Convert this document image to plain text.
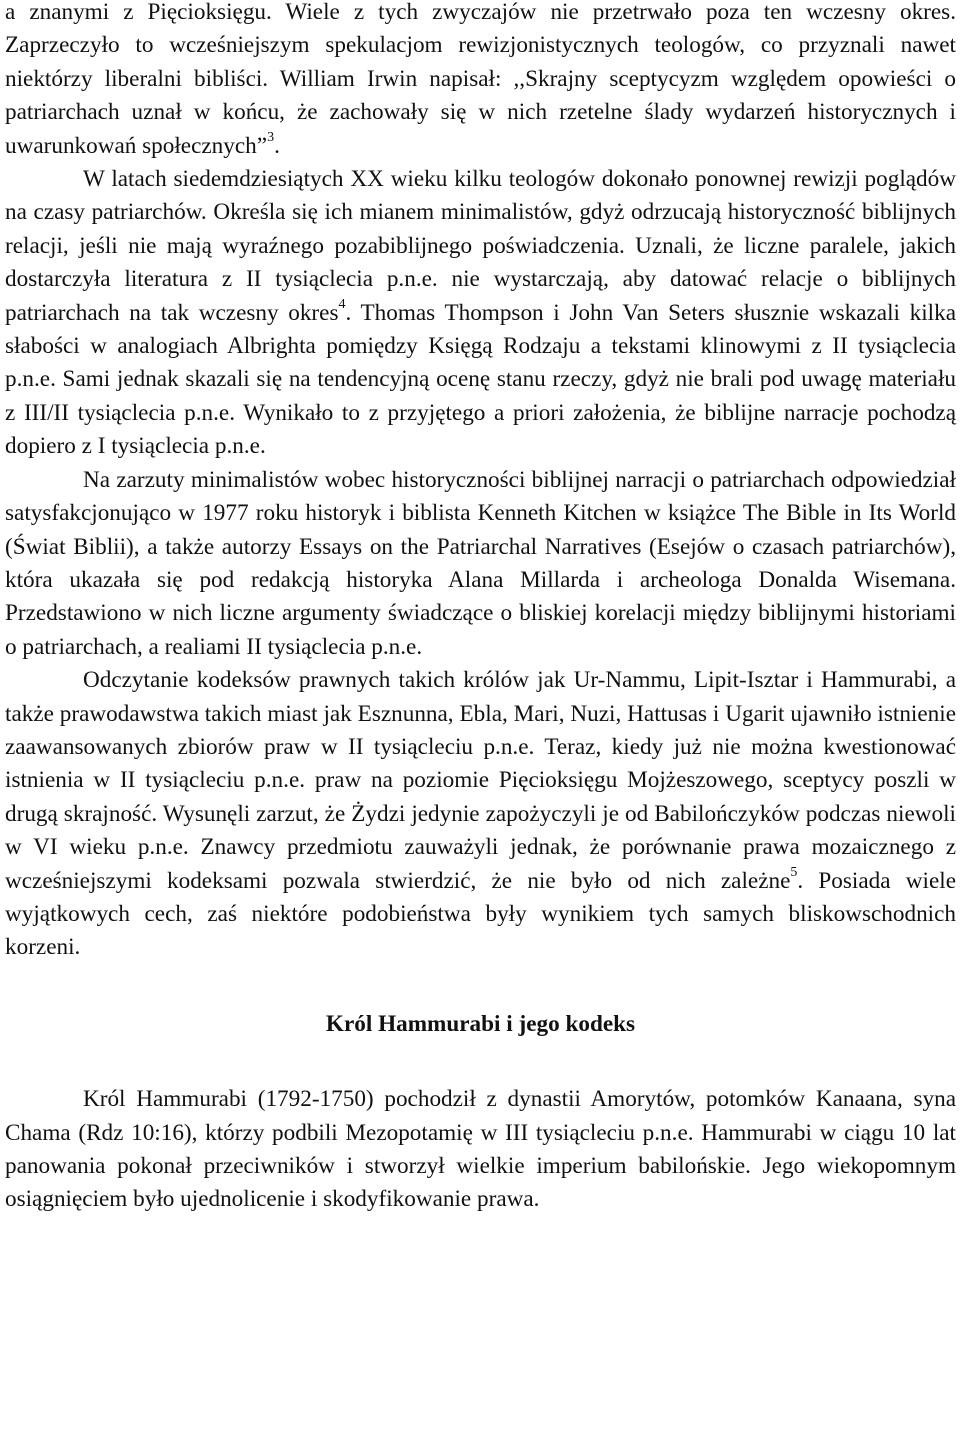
a znanymi z Pięcioksięgu. Wiele z tych zwyczajów nie przetrwało poza ten wczesny okres. Zaprzeczyło to wcześniejszym spekulacjom rewizjonistycznych teologów, co przyznali nawet niektórzy liberalni bibliści. William Irwin napisał: ,,Skrajny sceptycyzm względem opowieści o patriarchach uznał w końcu, że zachowały się w nich rzetelne ślady wydarzeń historycznych i uwarunkowań społecznych”$^3$.

W latach siedemdziesiątych XX wieku kilku teologów dokonało ponownej rewizji poglądów na czasy patriarchów. Określa się ich mianem minimalistów, gdyż odrzucają historyczność biblijnych relacji, jeśli nie mają wyraźnego pozabiblijnego poświadczenia. Uznali, że liczne paralele, jakich dostarczyła literatura z II tysiąclecia p.n.e. nie wystarczają, aby datować relacje o biblijnych patriarchach na tak wczesny okres$^4$. Thomas Thompson i John Van Seters słusznie wskazali kilka słabości w analogiach Albrighta pomiędzy Księgą Rodzaju a tekstami klinowymi z II tysiąclecia p.n.e. Sami jednak skazali się na tendencyjną ocenę stanu rzeczy, gdyż nie brali pod uwagę materiału z III/II tysiąclecia p.n.e. Wynikało to z przyjętego a priori założenia, że biblijne narracje pochodzą dopiero z I tysiąclecia p.n.e.

Na zarzuty minimalistów wobec historyczności biblijnej narracji o patriarchach odpowiedział satysfakcjonująco w 1977 roku historyk i biblista Kenneth Kitchen w książce The Bible in Its World (Świat Biblii), a także autorzy Essays on the Patriarchal Narratives (Esejów o czasach patriarchów), która ukazała się pod redakcją historyka Alana Millarda i archeologa Donalda Wisemana. Przedstawiono w nich liczne argumenty świadczące o bliskiej korelacji między biblijnymi historiami o patriarchach, a realiami II tysiąclecia p.n.e.

Odczytanie kodeksów prawnych takich królów jak Ur-Nammu, Lipit-Isztar i Hammurabi, a także prawodawstwa takich miast jak Esznunna, Ebla, Mari, Nuzi, Hattusas i Ugarit ujawniło istnienie zaawansowanych zbiorów praw w II tysiącleciu p.n.e. Teraz, kiedy już nie można kwestionować istnienia w II tysiącleciu p.n.e. praw na poziomie Pięcioksięgu Mojżeszowego, sceptycy poszli w drugą skrajność. Wysunęli zarzut, że Żydzi jedynie zapożyczyli je od Babilończyków podczas niewoli w VI wieku p.n.e. Znawcy przedmiotu zauważyli jednak, że porównanie prawa mozaicznego z wcześniejszymi kodeksami pozwala stwierdzić, że nie było od nich zależne$^5$. Posiada wiele wyjątkowych cech, zaś niektóre podobieństwa były wynikiem tych samych bliskowschodnich korzeni.

Król Hammurabi i jego kodeks

Król Hammurabi (1792-1750) pochodził z dynastii Amorytów, potomków Kanaana, syna Chama (Rdz 10:16), którzy podbili Mezopotamię w III tysiącleciu p.n.e. Hammurabi w ciągu 10 lat panowania pokonał przeciwników i stworzył wielkie imperium babilońskie. Jego wiekopomnym osiągnięciem było ujednolicenie i skodyfikowanie prawa.
